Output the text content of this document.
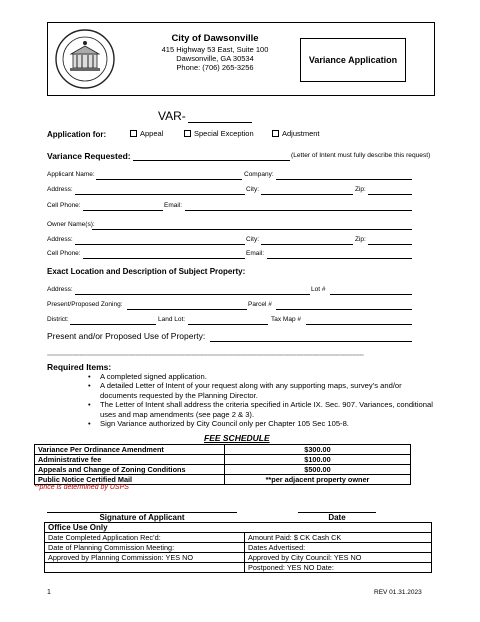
City of Dawsonville
415 Highway 53 East, Suite 100
Dawsonville, GA 30534
Phone: (706) 265-3256
Variance Application
VAR-
Application for:	Appeal	Special Exception	Adjustment
Variance Requested:	(Letter of Intent must fully describe this request)
Applicant Name:	Company:
Address:	City:	Zip:
Cell Phone:	Email:
Owner Name(s):
Address:	City:	Zip:
Cell Phone:	Email:
Exact Location and Description of Subject Property:
Address:	Lot #
Present/Proposed Zoning:	Parcel #
District:	Land Lot:	Tax Map #
Present and/or Proposed Use of Property:
========================================================================================================================================
Required Items:
• A completed signed application.
• A detailed Letter of Intent of your request along with any supporting maps, survey’s and/or documents requested by the Planning Director.
• The Letter of Intent shall address the criteria specified in Article IX. Sec. 907. Variances, conditional uses and map amendments (see page 2 & 3).
• Sign Variance authorized by City Council only per Chapter 105 Sec 105-8.
FEE SCHEDULE
Variance Per Ordinance Amendment	$300.00
Administrative fee	$100.00
Appeals and Change of Zoning Conditions	$500.00
Public Notice Certified Mail	**per adjacent property owner
**price is determined by USPS
Signature of Applicant	Date
Office Use Only	
Date Completed Application Rec’d:	Amount Paid: $ CK Cash CK
Date of Planning Commission Meeting:	Dates Advertised:
Approved by Planning Commission: YES NO	Approved by City Council: YES NO
	Postponed: YES NO Date:
1	REV 01.31.2023
